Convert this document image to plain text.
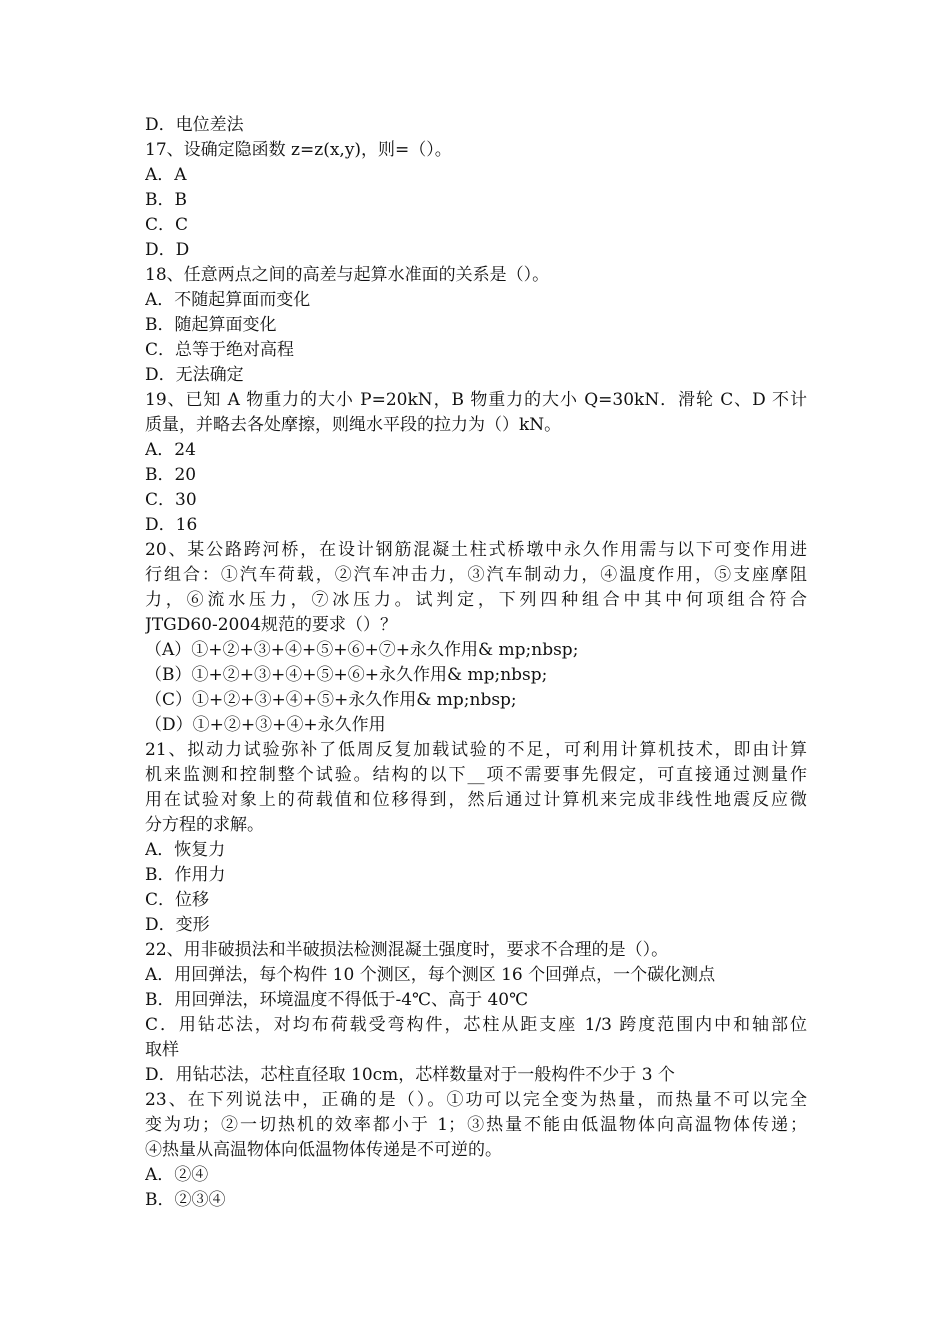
D．电位差法
17、设确定隐函数 z=z(x,y)，则=（）。
A．A
B．B
C．C
D．D
18、任意两点之间的高差与起算水准面的关系是（）。
A．不随起算面而变化
B．随起算面变化
C．总等于绝对高程
D．无法确定
19、已知 A 物重力的大小 P=20kN，B 物重力的大小 Q=30kN．滑轮 C、D 不计
质量，并略去各处摩擦，则绳水平段的拉力为（）kN。
A．24
B．20
C．30
D．16
20、某公路跨河桥，在设计钢筋混凝土柱式桥墩中永久作用需与以下可变作用进
行组合：①汽车荷载，②汽车冲击力，③汽车制动力，④温度作用，⑤支座摩阻
力，⑥流水压力，⑦冰压力。试判定，下列四种组合中其中何项组合符合
JTGD60-2004规范的要求（）？
（A）①+②+③+④+⑤+⑥+⑦+永久作用& mp;nbsp;
（B）①+②+③+④+⑤+⑥+永久作用& mp;nbsp;
（C）①+②+③+④+⑤+永久作用& mp;nbsp;
（D）①+②+③+④+永久作用
21、拟动力试验弥补了低周反复加载试验的不足，可利用计算机技术，即由计算
机来监测和控制整个试验。结构的以下__项不需要事先假定，可直接通过测量作
用在试验对象上的荷载值和位移得到，然后通过计算机来完成非线性地震反应微
分方程的求解。
A．恢复力
B．作用力
C．位移
D．变形
22、用非破损法和半破损法检测混凝土强度时，要求不合理的是（）。
A．用回弹法，每个构件 10 个测区，每个测区 16 个回弹点，一个碳化测点
B．用回弹法，环境温度不得低于-4℃、高于 40℃
C．用钻芯法，对均布荷载受弯构件，芯柱从距支座 1/3 跨度范围内中和轴部位
取样
D．用钻芯法，芯柱直径取 10cm，芯样数量对于一般构件不少于 3 个
23、在下列说法中，正确的是（）。①功可以完全变为热量，而热量不可以完全
变为功；②一切热机的效率都小于 1；③热量不能由低温物体向高温物体传递；
④热量从高温物体向低温物体传递是不可逆的。
A．②④
B．②③④
